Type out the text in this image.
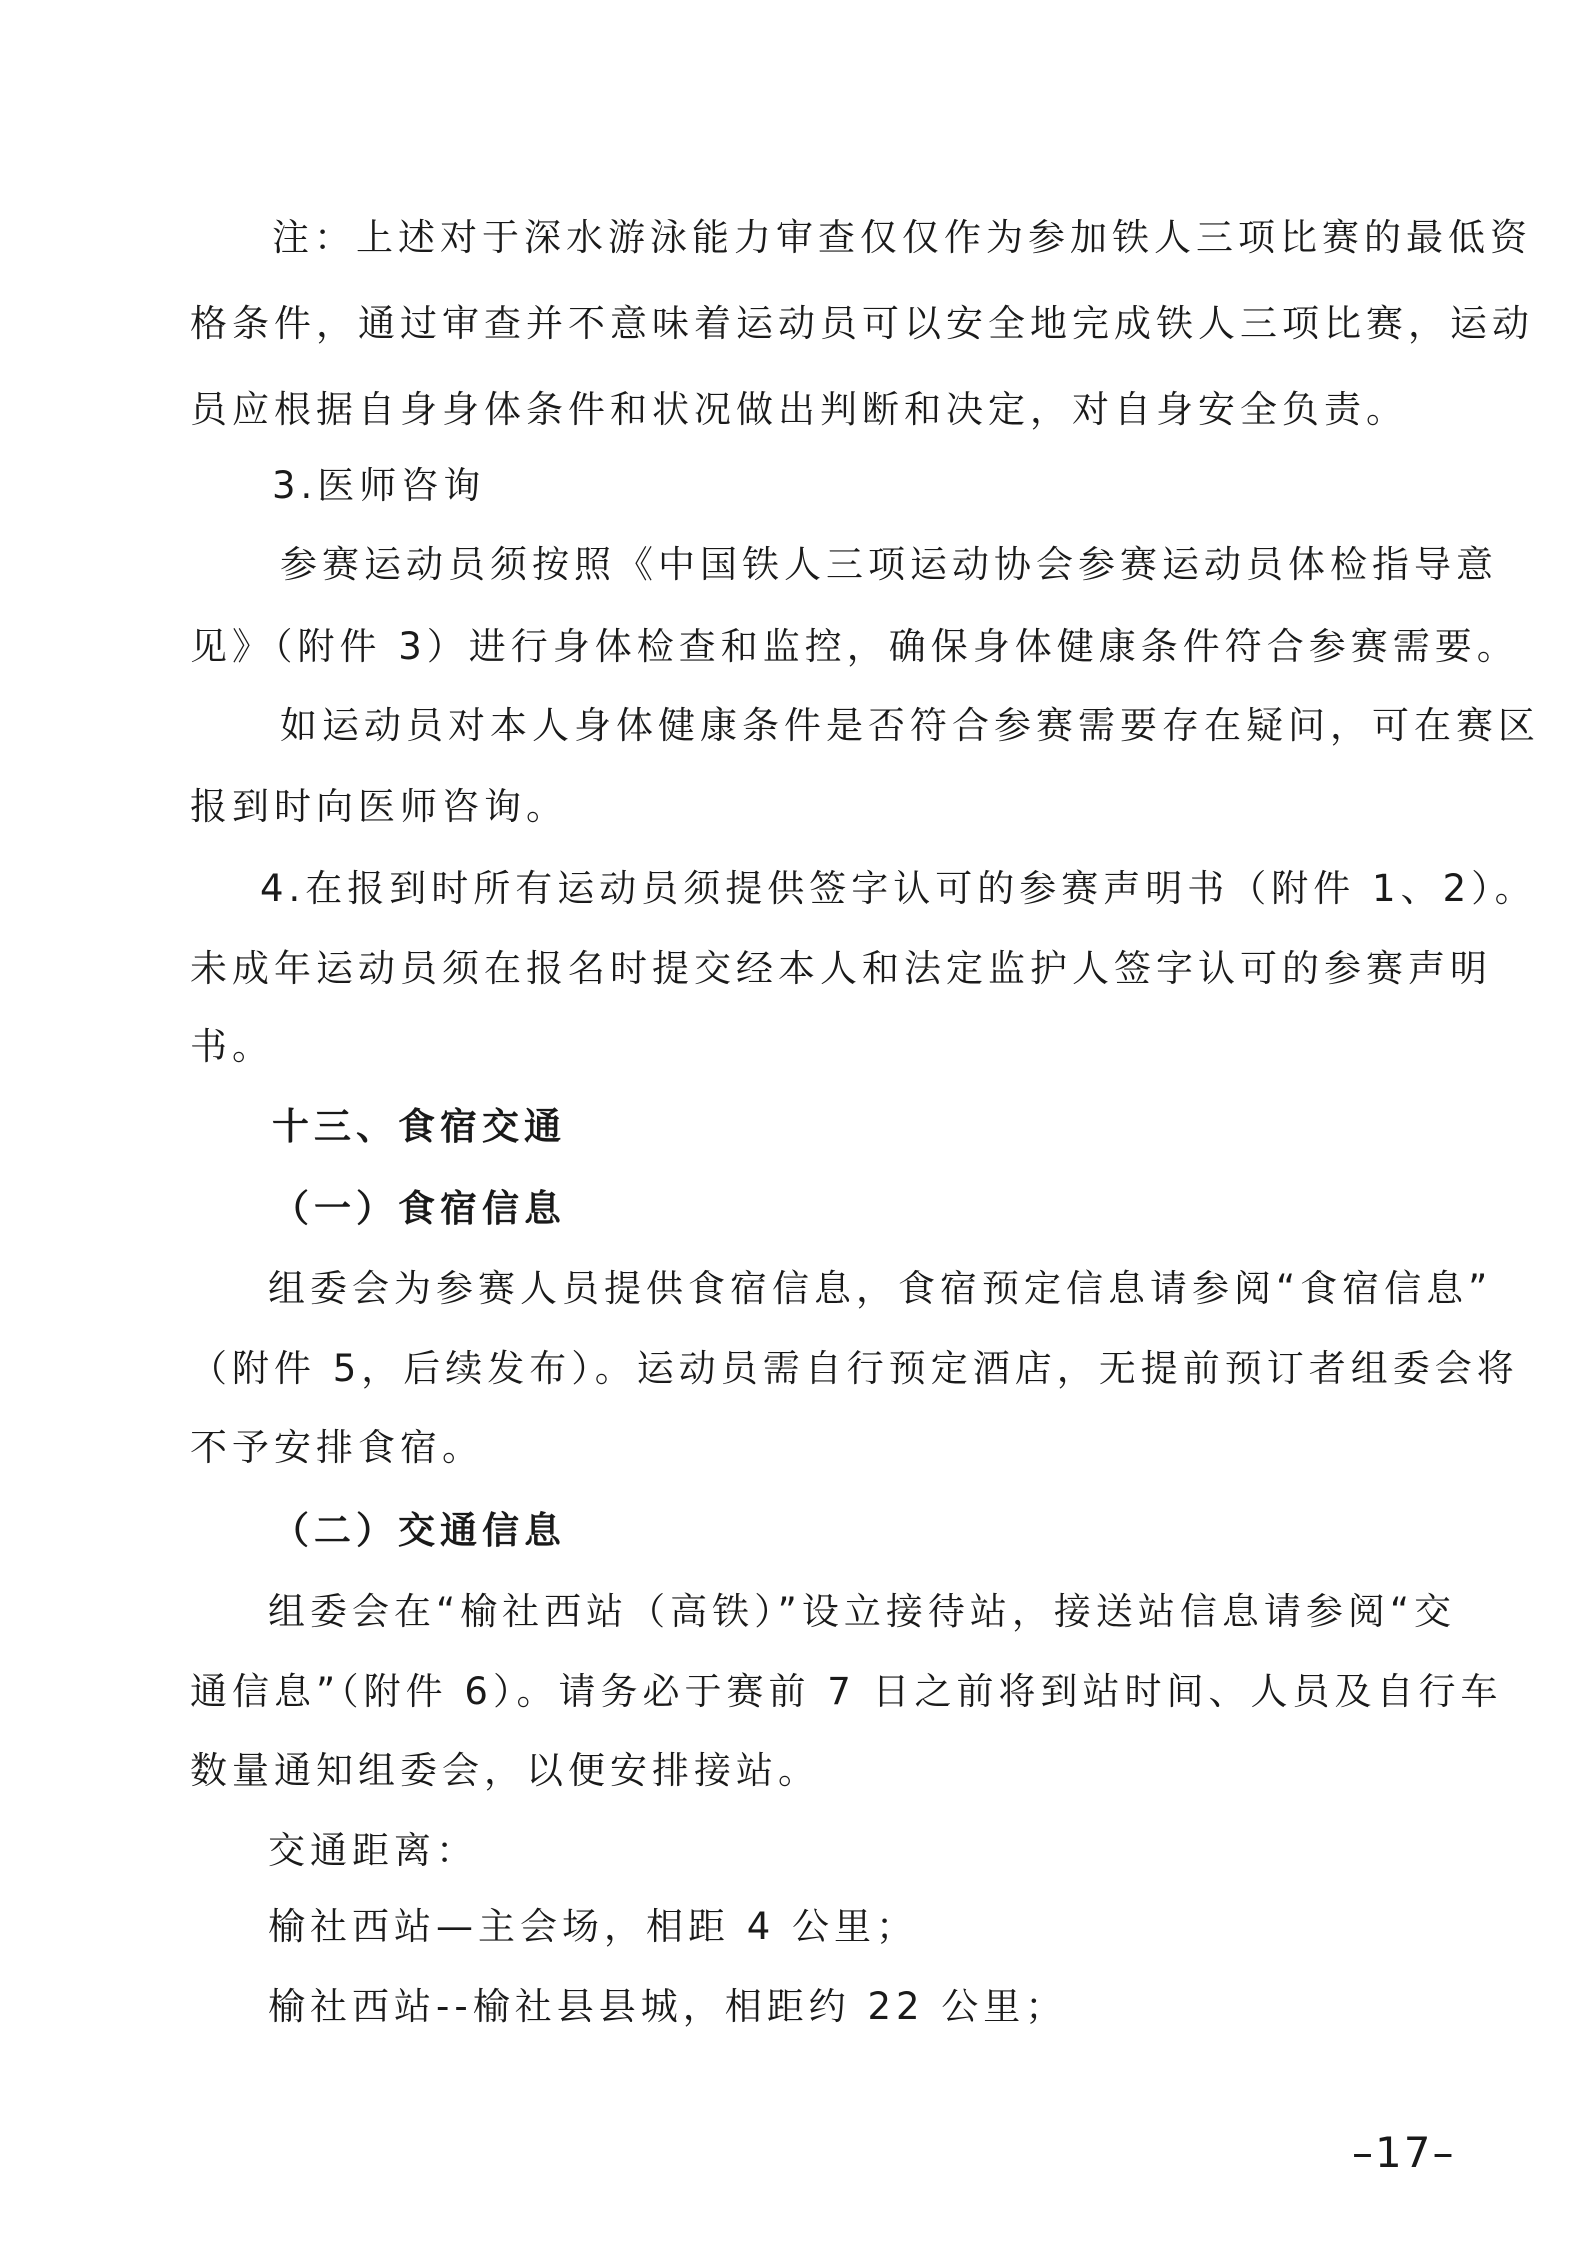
注：上述对于深水游泳能力审查仅仅作为参加铁人三项比赛的最低资
格条件，通过审查并不意味着运动员可以安全地完成铁人三项比赛，运动
员应根据自身身体条件和状况做出判断和决定，对自身安全负责。
3.医师咨询
参赛运动员须按照《中国铁人三项运动协会参赛运动员体检指导意
见》（附件 3）进行身体检查和监控，确保身体健康条件符合参赛需要。
如运动员对本人身体健康条件是否符合参赛需要存在疑问，可在赛区
报到时向医师咨询。
4.在报到时所有运动员须提供签字认可的参赛声明书（附件 1、2）。
未成年运动员须在报名时提交经本人和法定监护人签字认可的参赛声明
书。
十三、食宿交通
（一）食宿信息
组委会为参赛人员提供食宿信息，食宿预定信息请参阅“食宿信息”
（附件 5，后续发布）。运动员需自行预定酒店，无提前预订者组委会将
不予安排食宿。
（二）交通信息
组委会在“榆社西站（高铁）”设立接待站，接送站信息请参阅“交
通信息”（附件 6）。请务必于赛前 7 日之前将到站时间、人员及自行车
数量通知组委会，以便安排接站。
交通距离：
榆社西站—主会场，相距 4 公里；
榆社西站--榆社县县城，相距约 22 公里；
–17–
